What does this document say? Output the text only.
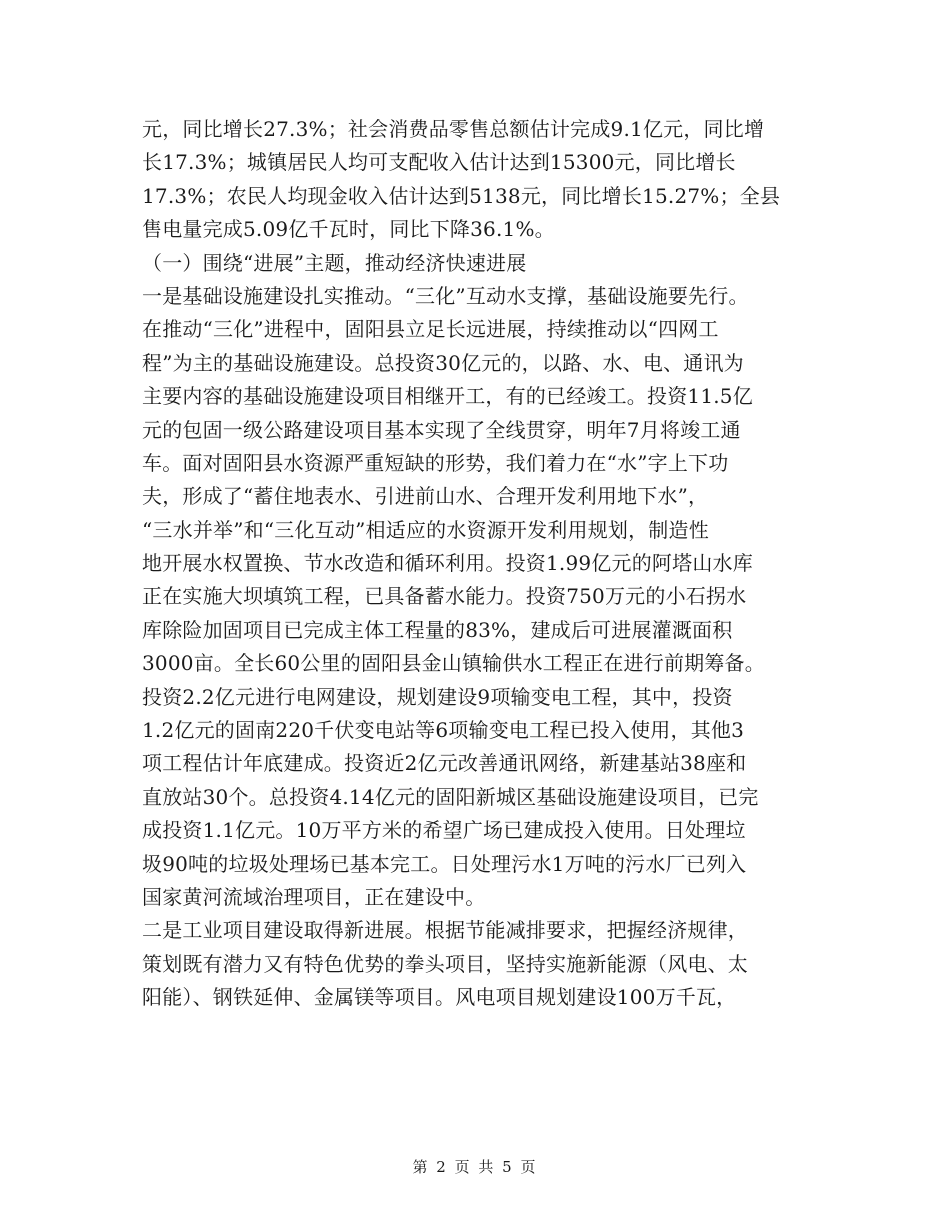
元，同比增长27.3%；社会消费品零售总额估计完成9.1亿元，同比增
长17.3%；城镇居民人均可支配收入估计达到15300元，同比增长
17.3%；农民人均现金收入估计达到5138元，同比增长15.27%；全县
售电量完成5.09亿千瓦时，同比下降36.1%。
（一）围绕“进展”主题，推动经济快速进展
一是基础设施建设扎实推动。“三化”互动水支撑，基础设施要先行。
在推动“三化”进程中，固阳县立足长远进展，持续推动以“四网工
程”为主的基础设施建设。总投资30亿元的，以路、水、电、通讯为
主要内容的基础设施建设项目相继开工，有的已经竣工。投资11.5亿
元的包固一级公路建设项目基本实现了全线贯穿，明年7月将竣工通
车。面对固阳县水资源严重短缺的形势，我们着力在“水”字上下功
夫，形成了“蓄住地表水、引进前山水、合理开发利用地下水”，
“三水并举”和“三化互动”相适应的水资源开发利用规划，制造性
地开展水权置换、节水改造和循环利用。投资1.99亿元的阿塔山水库
正在实施大坝填筑工程，已具备蓄水能力。投资750万元的小石拐水
库除险加固项目已完成主体工程量的83%，建成后可进展灌溉面积
3000亩。全长60公里的固阳县金山镇输供水工程正在进行前期筹备。
投资2.2亿元进行电网建设，规划建设9项输变电工程，其中，投资
1.2亿元的固南220千伏变电站等6项输变电工程已投入使用，其他3
项工程估计年底建成。投资近2亿元改善通讯网络，新建基站38座和
直放站30个。总投资4.14亿元的固阳新城区基础设施建设项目，已完
成投资1.1亿元。10万平方米的希望广场已建成投入使用。日处理垃
圾90吨的垃圾处理场已基本完工。日处理污水1万吨的污水厂已列入
国家黄河流域治理项目，正在建设中。
二是工业项目建设取得新进展。根据节能减排要求，把握经济规律，
策划既有潜力又有特色优势的拳头项目，坚持实施新能源（风电、太
阳能）、钢铁延伸、金属镁等项目。风电项目规划建设100万千瓦，
第 2 页 共 5 页
